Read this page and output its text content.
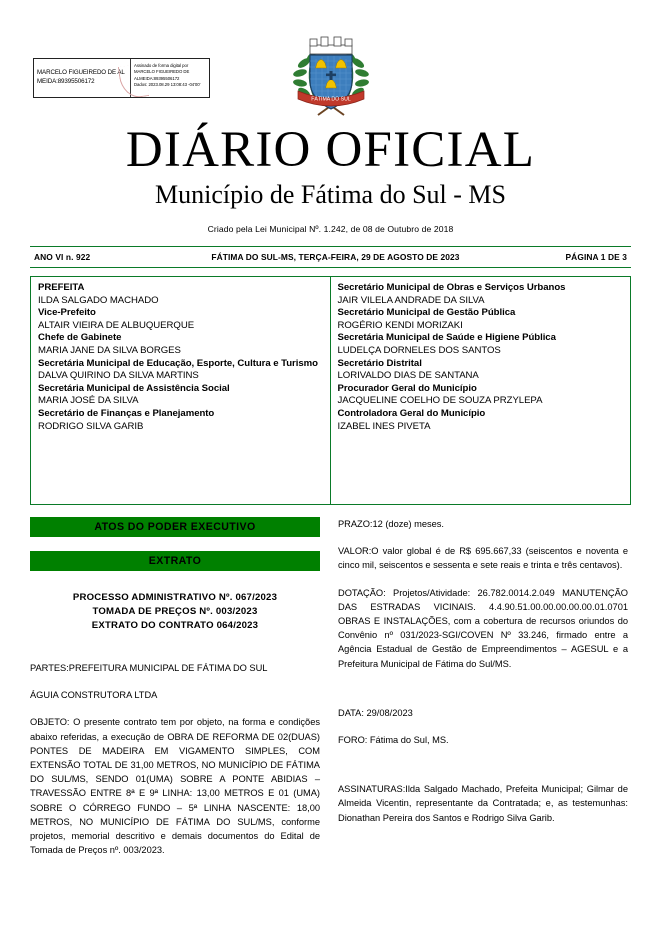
MARCELO FIGUEIREDO DE ALMEIDA:89395506172
Assinado de forma digital por MARCELO FIGUEIREDO DE ALMEIDA:89395506172
Dados: 2023.08.29 13:08:43 -04'00'
FÁTIMA DO SUL
DIÁRIO OFICIAL
Município de Fátima do Sul - MS
Criado pela Lei Municipal Nº. 1.242, de 08 de Outubro de 2018
ANO VI n. 922	FÁTIMA DO SUL-MS, TERÇA-FEIRA, 29 DE AGOSTO DE 2023	PÁGINA 1 DE 3
PREFEITA
ILDA SALGADO MACHADO
Vice-Prefeito
ALTAIR VIEIRA DE ALBUQUERQUE
Chefe de Gabinete
MARIA JANE DA SILVA BORGES
Secretária Municipal de Educação, Esporte, Cultura e Turismo
DALVA QUIRINO DA SILVA MARTINS
Secretária Municipal de Assistência Social
MARIA JOSÉ DA SILVA
Secretário de Finanças e Planejamento
RODRIGO SILVA GARIB
Secretário Municipal de Obras e Serviços Urbanos
JAIR VILELA ANDRADE DA SILVA
Secretário Municipal de Gestão Pública
ROGÉRIO KENDI MORIZAKI
Secretária Municipal de Saúde e Higiene Pública
LUDELÇA DORNELES DOS SANTOS
Secretário Distrital
LORIVALDO DIAS DE SANTANA
Procurador Geral do Município
JACQUELINE COELHO DE SOUZA PRZYLEPA
Controladora Geral do Município
IZABEL INES PIVETA
ATOS DO PODER EXECUTIVO
EXTRATO
PROCESSO ADMINISTRATIVO Nº. 067/2023
TOMADA DE PREÇOS Nº. 003/2023
EXTRATO DO CONTRATO 064/2023

PARTES:PREFEITURA MUNICIPAL DE FÁTIMA DO SUL

ÁGUIA CONSTRUTORA LTDA

OBJETO: O presente contrato tem por objeto, na forma e condições abaixo referidas, a execução de OBRA DE REFORMA DE 02(DUAS) PONTES DE MADEIRA EM VIGAMENTO SIMPLES, COM EXTENSÃO TOTAL DE 31,00 METROS, NO MUNICÍPIO DE FÁTIMA DO SUL/MS, SENDO 01(UMA) SOBRE A PONTE ABIDIAS – TRAVESSÃO ENTRE 8ª E 9ª LINHA: 13,00 METROS E 01 (UMA) SOBRE O CÓRREGO FUNDO – 5ª LINHA NASCENTE: 18,00 METROS, NO MUNICÍPIO DE FÁTIMA DO SUL/MS, conforme projetos, memorial descritivo e demais documentos do Edital de Tomada de Preços nº. 003/2023.

PRAZO:12 (doze) meses.

VALOR:O valor global é de R$ 695.667,33 (seiscentos e noventa e cinco mil, seiscentos e sessenta e sete reais e trinta e três centavos).

DOTAÇÃO: Projetos/Atividade: 26.782.0014.2.049 MANUTENÇÃO DAS ESTRADAS VICINAIS. 4.4.90.51.00.00.00.00.00.01.0701 OBRAS E INSTALAÇÕES, com a cobertura de recursos oriundos do Convênio nº 031/2023-SGI/COVEN Nº 33.246, firmado entre a Agência Estadual de Gestão de Empreendimentos – AGESUL e a Prefeitura Municipal de Fátima do Sul/MS.

DATA: 29/08/2023

FORO: Fátima do Sul, MS.

ASSINATURAS:Ilda Salgado Machado, Prefeita Municipal; Gilmar de Almeida Vicentin, representante da Contratada; e, as testemunhas: Dionathan Pereira dos Santos e Rodrigo Silva Garib.
